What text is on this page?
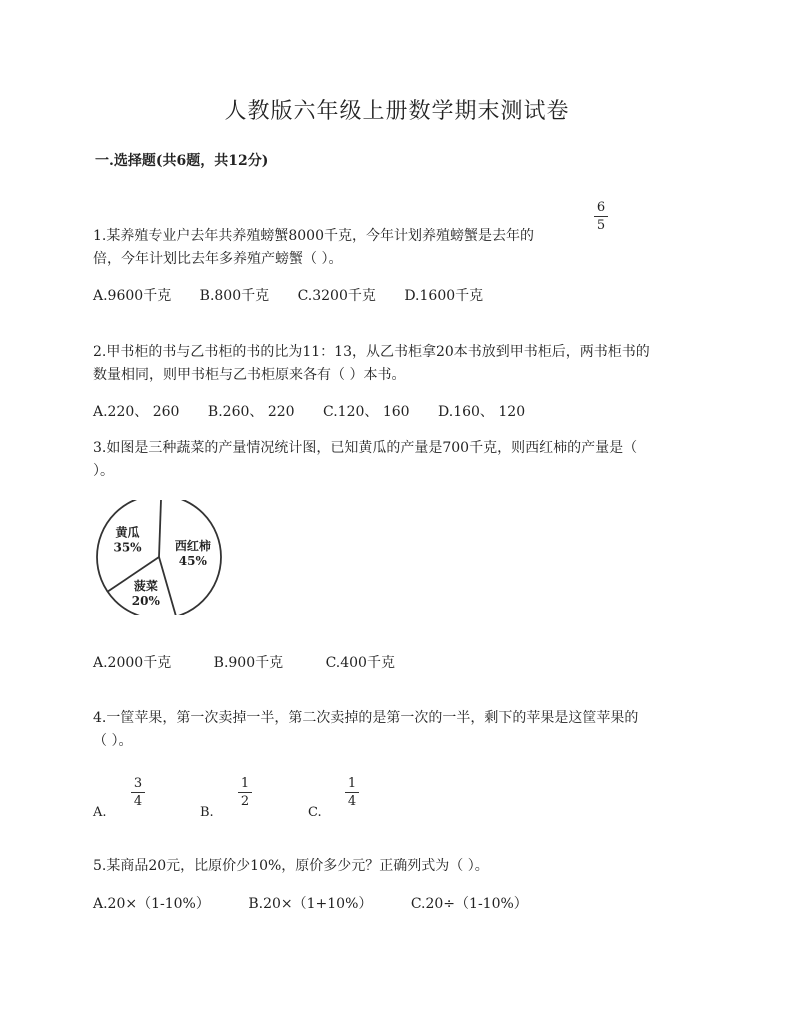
人教版六年级上册数学期末测试卷
一.选择题(共6题，共12分)
6
5
1.某养殖专业户去年共养殖螃蟹8000千克，今年计划养殖螃蟹是去年的
倍，今年计划比去年多养殖产螃蟹（ ）。
A.9600千克 B.800千克 C.3200千克 D.1600千克
2.甲书柜的书与乙书柜的书的比为11：13，从乙书柜拿20本书放到甲书柜后，两书柜书的
数量相同，则甲书柜与乙书柜原来各有（ ）本书。
A.220、 260 B.260、 220 C.120、 160 D.160、 120
3.如图是三种蔬菜的产量情况统计图，已知黄瓜的产量是700千克，则西红柿的产量是（
）。
西红柿
45%
菠菜
20%
黄瓜
35%
A.2000千克	B.900千克	C.400千克
4.一筐苹果，第一次卖掉一半，第二次卖掉的是第一次的一半，剩下的苹果是这筐苹果的
（ ）。
A.
3
4
B.
1
2
C.
1
4
5.某商品20元，比原价少10%，原价多少元？正确列式为（ ）。
A.20×（1-10%）	B.20×（1+10%）	C.20÷（1-10%）
